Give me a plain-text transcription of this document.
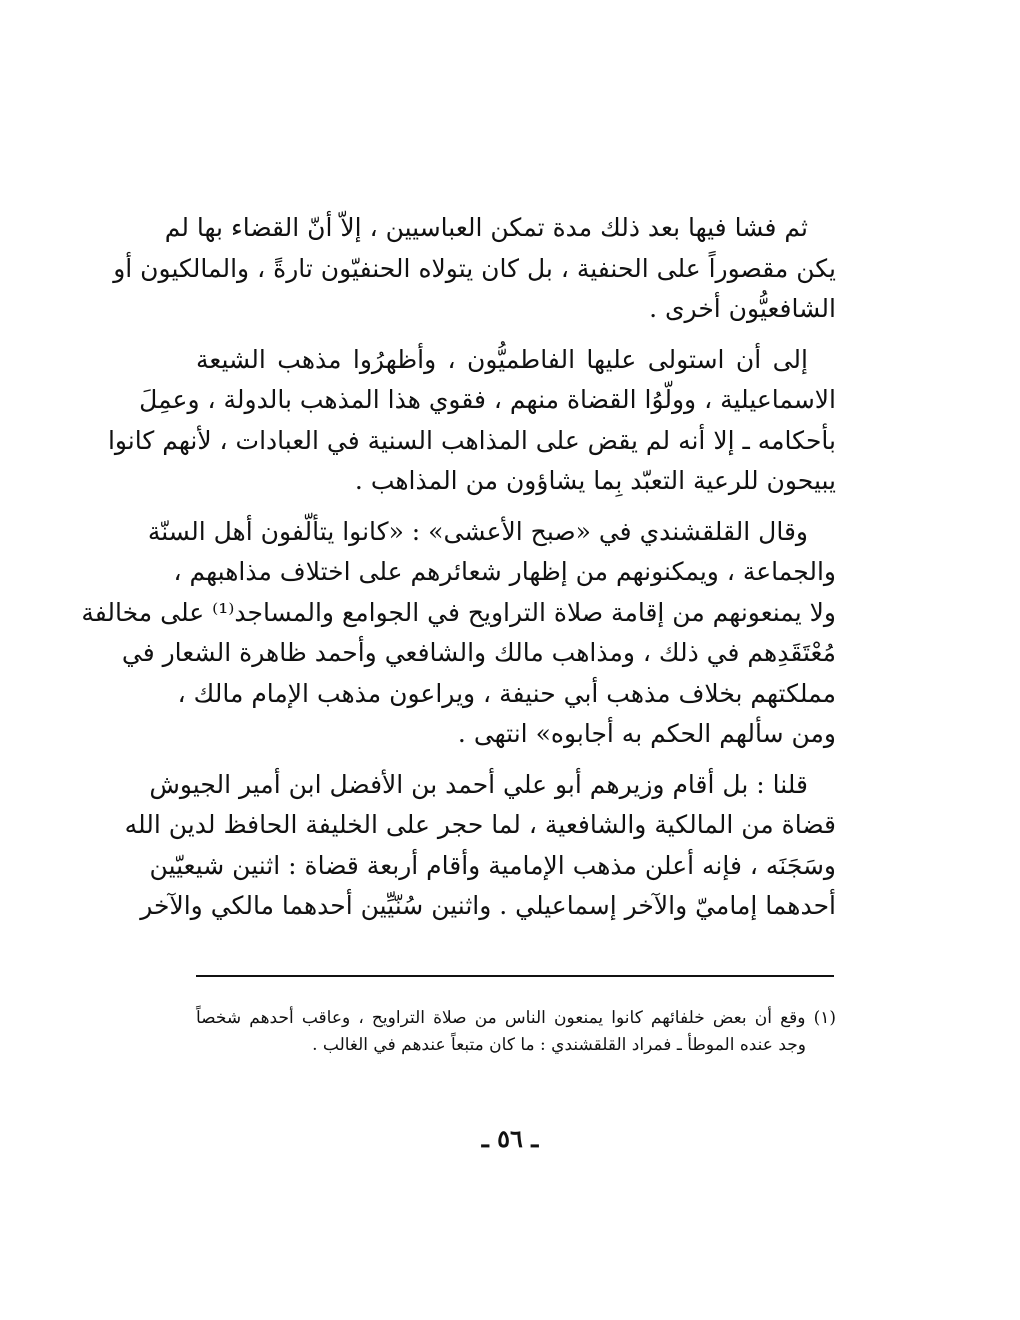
ثم فشا فيها بعد ذلك مدة تمكن العباسيين ، إلاّ أنّ القضاء بها لم
يكن مقصوراً على الحنفية ، بل كان يتولاه الحنفيّون تارةً ، والمالكيون أو
الشافعيُّون أخرى .

إلى أن استولى عليها الفاطميُّون ، وأظهرُوا مذهب الشيعة
الاسماعيلية ، وولّوُا القضاة منهم ، فقوي هذا المذهب بالدولة ، وعمِلَ
بأحكامه ـ إلا أنه لم يقض على المذاهب السنية في العبادات ، لأنهم كانوا
يبيحون للرعية التعبّد بِما يشاؤون من المذاهب .

وقال القلقشندي في «صبح الأعشى» : «كانوا يتألّفون أهل السنّة
والجماعة ، ويمكنونهم من إظهار شعائرهم على اختلاف مذاهبهم ،
ولا يمنعونهم من إقامة صلاة التراويح في الجوامع والمساجد⁽¹⁾ على مخالفة
مُعْتَقَدِهم في ذلك ، ومذاهب مالك والشافعي وأحمد ظاهرة الشعار في
مملكتهم بخلاف مذهب أبي حنيفة ، ويراعون مذهب الإمام مالك ،
ومن سألهم الحكم به أجابوه» انتهى .

قلنا : بل أقام وزيرهم أبو علي أحمد بن الأفضل ابن أمير الجيوش
قضاة من المالكية والشافعية ، لما حجر على الخليفة الحافظ لدين الله
وسَجَنَه ، فإنه أعلن مذهب الإمامية وأقام أربعة قضاة : اثنين شيعيّين
أحدهما إماميّ والآخر إسماعيلي . واثنين سُنّيِّين أحدهما مالكي والآخر

(١) وقع أن بعض خلفائهم كانوا يمنعون الناس من صلاة التراويح ، وعاقب أحدهم شخصاً
وجد عنده الموطأ ـ فمراد القلقشندي : ما كان متبعاً عندهم في الغالب .
ـ ٥٦ ـ
